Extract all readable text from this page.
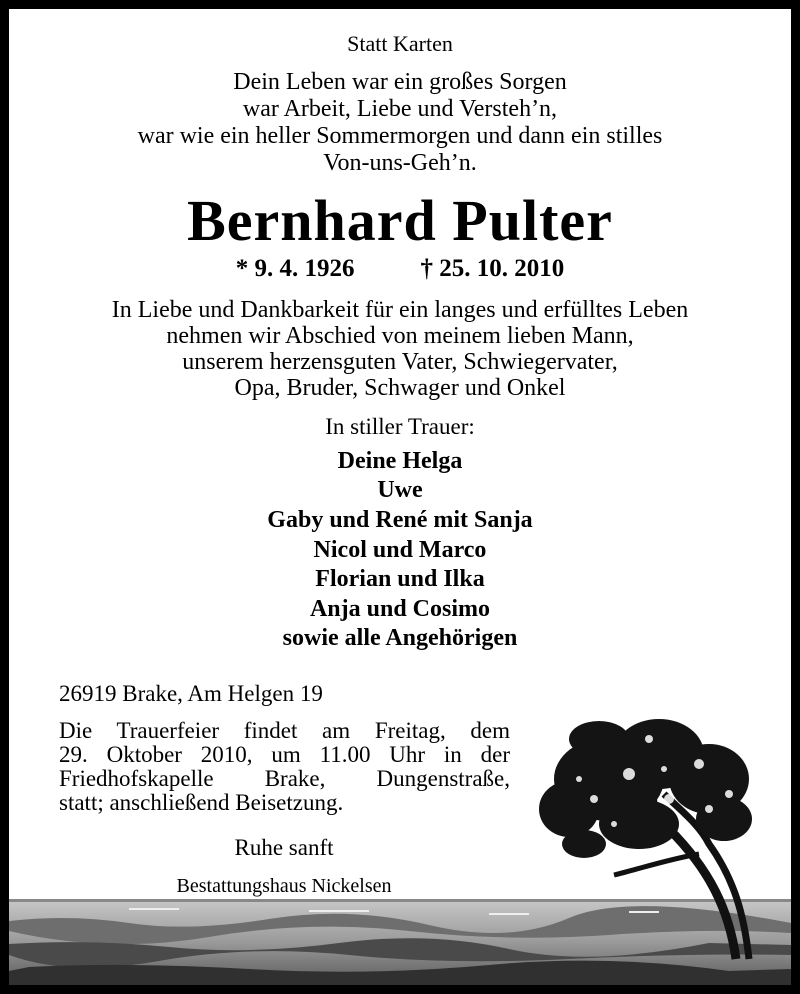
Statt Karten
Dein Leben war ein großes Sorgen
war Arbeit, Liebe und Versteh’n,
war wie ein heller Sommermorgen und dann ein stilles
Von-uns-Geh’n.
Bernhard Pulter
* 9. 4. 1926	† 25. 10. 2010
In Liebe und Dankbarkeit für ein langes und erfülltes Leben
nehmen wir Abschied von meinem lieben Mann,
unserem herzensguten Vater, Schwiegervater,
Opa, Bruder, Schwager und Onkel
In stiller Trauer:
Deine Helga
Uwe
Gaby und René mit Sanja
Nicol und Marco
Florian und Ilka
Anja und Cosimo
sowie alle Angehörigen
26919 Brake, Am Helgen 19
Die Trauerfeier findet am Freitag, dem
29. Oktober 2010, um 11.00 Uhr in der
Friedhofskapelle Brake, Dungenstraße,
statt; anschließend Beisetzung.
Ruhe sanft
Bestattungshaus Nickelsen
